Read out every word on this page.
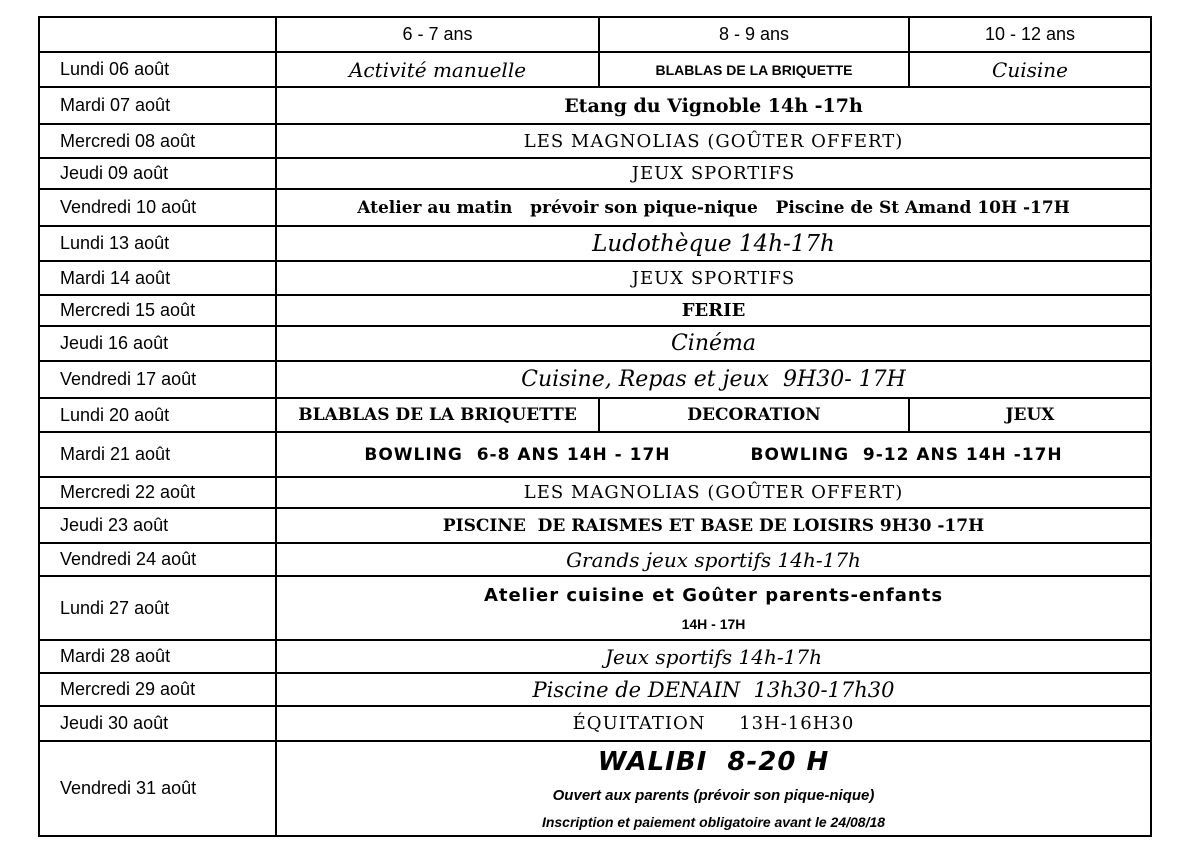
	6 - 7 ans	8 - 9 ans	10 - 12 ans
Lundi 06 août	Activité manuelle	BLABLAS DE LA BRIQUETTE	Cuisine
Mardi 07 août	Etang du Vignoble 14h -17h		
Mercredi 08 août	LES MAGNOLIAS (GOÛTER OFFERT)		
Jeudi 09 août	JEUX SPORTIFS		
Vendredi 10 août	Atelier au matin   prévoir son pique-nique   Piscine de St Amand 10H -17H		
Lundi 13 août	Ludothèque 14h-17h		
Mardi 14 août	JEUX SPORTIFS		
Mercredi 15 août	FERIE		
Jeudi 16 août	Cinéma		
Vendredi 17 août	Cuisine, Repas et jeux  9H30- 17H		
Lundi 20 août	BLABLAS DE LA BRIQUETTE	DECORATION	JEUX
Mardi 21 août	BOWLING  6-8 ANS 14H - 17H BOWLING  9-12 ANS 14H -17H		
Mercredi 22 août	LES MAGNOLIAS (GOÛTER OFFERT)		
Jeudi 23 août	PISCINE  DE RAISMES ET BASE DE LOISIRS 9H30 -17H		
Vendredi 24 août	Grands jeux sportifs 14h-17h		
Lundi 27 août	Atelier cuisine et Goûter parents-enfants
14H - 17H		

Mardi 28 août	Jeux sportifs 14h-17h		
Mercredi 29 août	Piscine de DENAIN  13h30-17h30		
Jeudi 30 août	ÉQUITATION     13H-16H30		
Vendredi 31 août	WALIBI  8-20 H
Ouvert aux parents (prévoir son pique-nique)
Inscription et paiement obligatoire avant le 24/08/18		
